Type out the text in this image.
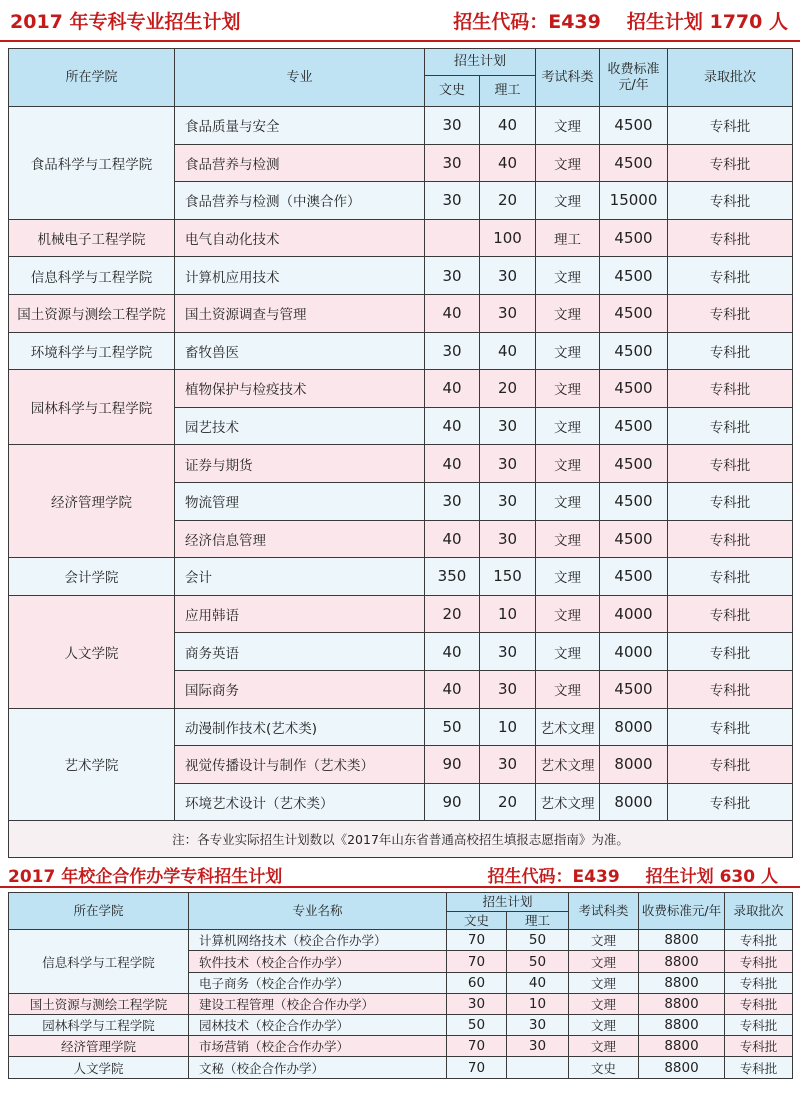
2017 年专科专业招生计划	招生代码：E439 招生计划 1770 人
所在学院	专业	招生计划		考试科类	收费标准元/年	录取批次
		文史	理工			
食品科学与工程学院	食品质量与安全	30	40	文理	4500	专科批
	食品营养与检测	30	40	文理	4500	专科批
	食品营养与检测（中澳合作）	30	20	文理	15000	专科批
机械电子工程学院	电气自动化技术		100	理工	4500	专科批
信息科学与工程学院	计算机应用技术	30	30	文理	4500	专科批
国土资源与测绘工程学院	国土资源调查与管理	40	30	文理	4500	专科批
环境科学与工程学院	畜牧兽医	30	40	文理	4500	专科批
园林科学与工程学院	植物保护与检疫技术	40	20	文理	4500	专科批
	园艺技术	40	30	文理	4500	专科批
经济管理学院	证券与期货	40	30	文理	4500	专科批
	物流管理	30	30	文理	4500	专科批
	经济信息管理	40	30	文理	4500	专科批
会计学院	会计	350	150	文理	4500	专科批
人文学院	应用韩语	20	10	文理	4000	专科批
	商务英语	40	30	文理	4000	专科批
	国际商务	40	30	文理	4500	专科批
艺术学院	动漫制作技术(艺术类)	50	10	艺术文理	8000	专科批
	视觉传播设计与制作（艺术类）	90	30	艺术文理	8000	专科批
	环境艺术设计（艺术类）	90	20	艺术文理	8000	专科批
注：各专业实际招生计划数以《2017年山东省普通高校招生填报志愿指南》为准。						
2017 年校企合作办学专科招生计划	招生代码：E439 招生计划 630 人
所在学院	专业名称	招生计划		考试科类	收费标准元/年	录取批次
		文史	理工			
信息科学与工程学院	计算机网络技术（校企合作办学）	70	50	文理	8800	专科批
	软件技术（校企合作办学）	70	50	文理	8800	专科批
	电子商务（校企合作办学）	60	40	文理	8800	专科批
国土资源与测绘工程学院	建设工程管理（校企合作办学）	30	10	文理	8800	专科批
园林科学与工程学院	园林技术（校企合作办学）	50	30	文理	8800	专科批
经济管理学院	市场营销（校企合作办学）	70	30	文理	8800	专科批
人文学院	文秘（校企合作办学）	70		文史	8800	专科批
